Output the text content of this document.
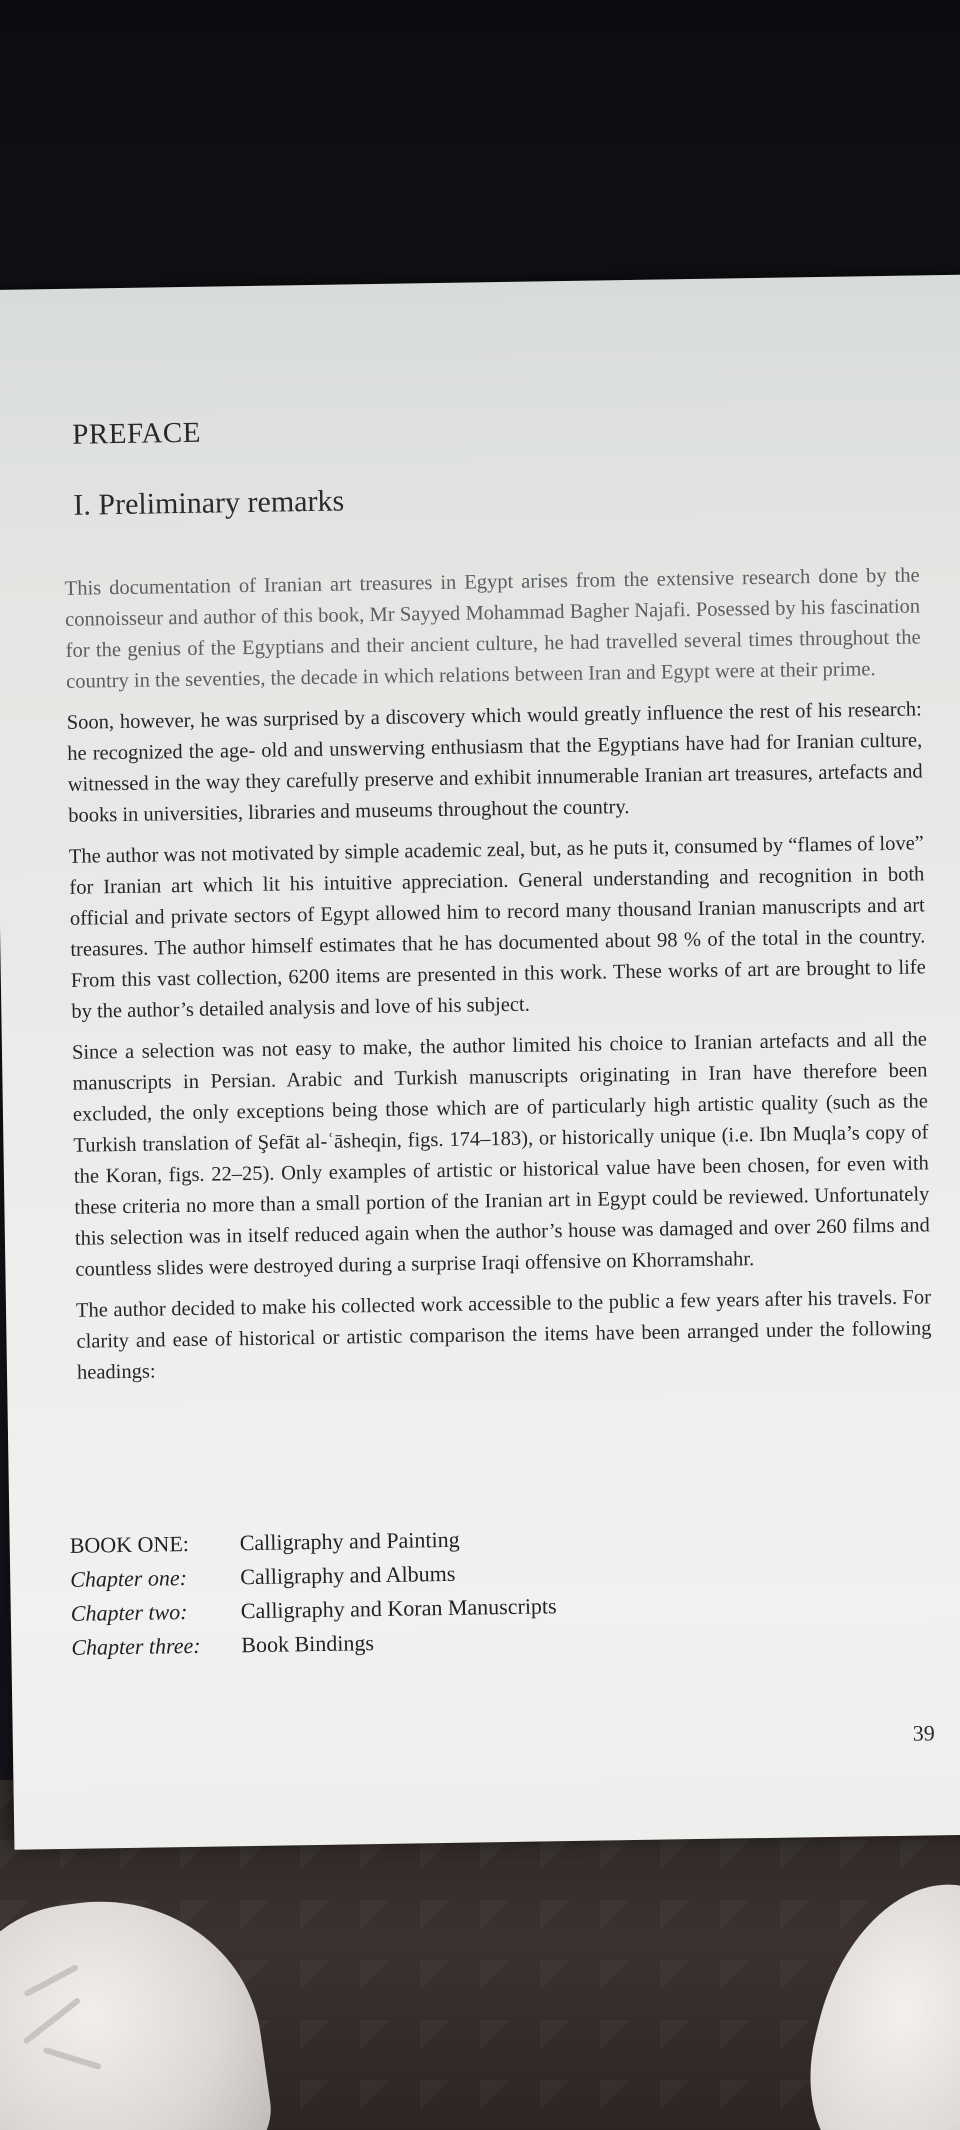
PREFACE
I. Preliminary remarks

This documentation of Iranian art treasures in Egypt arises from the extensive research done by the connoisseur and author of this book, Mr Sayyed Mohammad Bagher Najafi. Posessed by his fascination for the genius of the Egyptians and their ancient culture, he had travelled several times throughout the country in the seventies, the decade in which relations between Iran and Egypt were at their prime.

Soon, however, he was surprised by a discovery which would greatly influence the rest of his research: he recognized the age- old and unswerving enthusiasm that the Egyptians have had for Iranian culture, witnessed in the way they carefully preserve and exhibit innumerable Iranian art treasures, artefacts and books in universities, libraries and museums throughout the country.

The author was not motivated by simple academic zeal, but, as he puts it, consumed by “flames of love” for Iranian art which lit his intuitive appreciation. General understanding and recognition in both official and private sectors of Egypt allowed him to record many thousand Iranian manuscripts and art treasures. The author himself estimates that he has documented about 98 % of the total in the country. From this vast collection, 6200 items are presented in this work. These works of art are brought to life by the author’s detailed analysis and love of his subject.

Since a selection was not easy to make, the author limited his choice to Iranian artefacts and all the manuscripts in Persian. Arabic and Turkish manuscripts originating in Iran have therefore been excluded, the only exceptions being those which are of particularly high artistic quality (such as the Turkish translation of Şefāt al-ʿāsheqin, figs. 174–183), or historically unique (i.e. Ibn Muqla’s copy of the Koran, figs. 22–25). Only examples of artistic or historical value have been chosen, for even with these criteria no more than a small portion of the Iranian art in Egypt could be reviewed. Unfortunately this selection was in itself reduced again when the author’s house was damaged and over 260 films and countless slides were destroyed during a surprise Iraqi offensive on Khorramshahr.

The author decided to make his collected work accessible to the public a few years after his travels. For clarity and ease of historical or artistic comparison the items have been arranged under the following headings:

BOOK ONE:	Calligraphy and Painting
Chapter one:	Calligraphy and Albums
Chapter two:	Calligraphy and Koran Manuscripts
Chapter three:	Book Bindings
39
